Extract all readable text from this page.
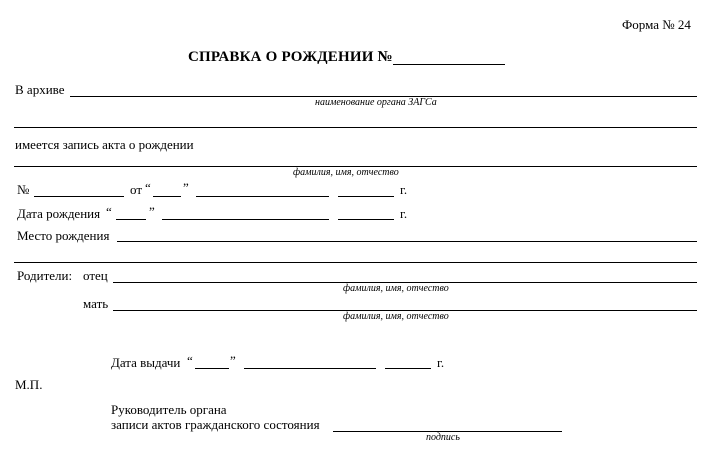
Форма № 24
СПРАВКА О РОЖДЕНИИ №
В архиве
наименование органа ЗАГСа
имеется запись акта о рождении
фамилия, имя, отчество
№	от “ ”	г.
Дата рождения “	”	г.
Место рождения
Родители: отец
фамилия, имя, отчество
мать
фамилия, имя, отчество
Дата выдачи “	”	г.
М.П.
Руководитель органа
записи актов гражданского состояния
подпись
